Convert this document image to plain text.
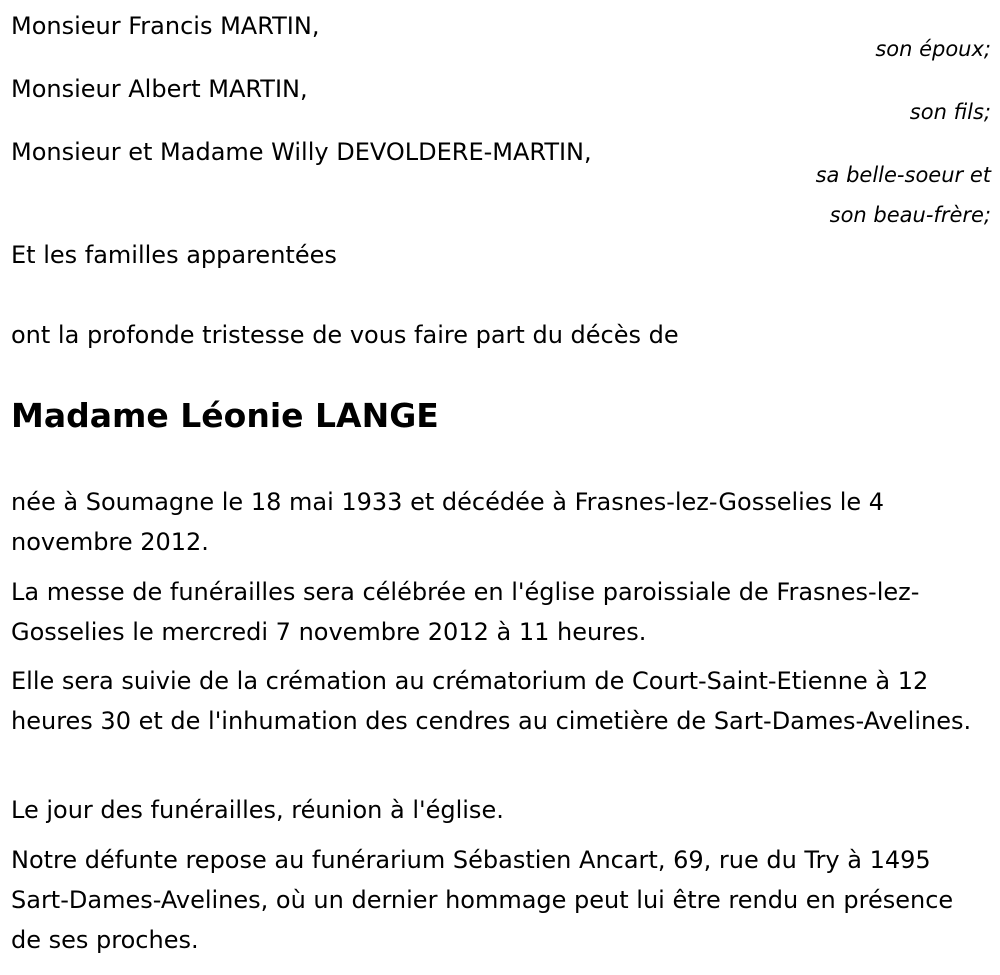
Monsieur Francis MARTIN,

son époux;

Monsieur Albert MARTIN,

son fils;

Monsieur et Madame Willy DEVOLDERE-MARTIN,

sa belle-soeur et

son beau-frère;

Et les familles apparentées

ont la profonde tristesse de vous faire part du décès de

Madame Léonie LANGE

née à Soumagne le 18 mai 1933 et décédée à Frasnes-lez-Gosselies le 4 novembre 2012.

La messe de funérailles sera célébrée en l'église paroissiale de Frasnes-lez-Gosselies le mercredi 7 novembre 2012 à 11 heures.

Elle sera suivie de la crémation au crématorium de Court-Saint-Etienne à 12 heures 30 et de l'inhumation des cendres au cimetière de Sart-Dames-Avelines.

Le jour des funérailles, réunion à l'église.

Notre défunte repose au funérarium Sébastien Ancart, 69, rue du Try à 1495 Sart-Dames-Avelines, où un dernier hommage peut lui être rendu en présence de ses proches.
